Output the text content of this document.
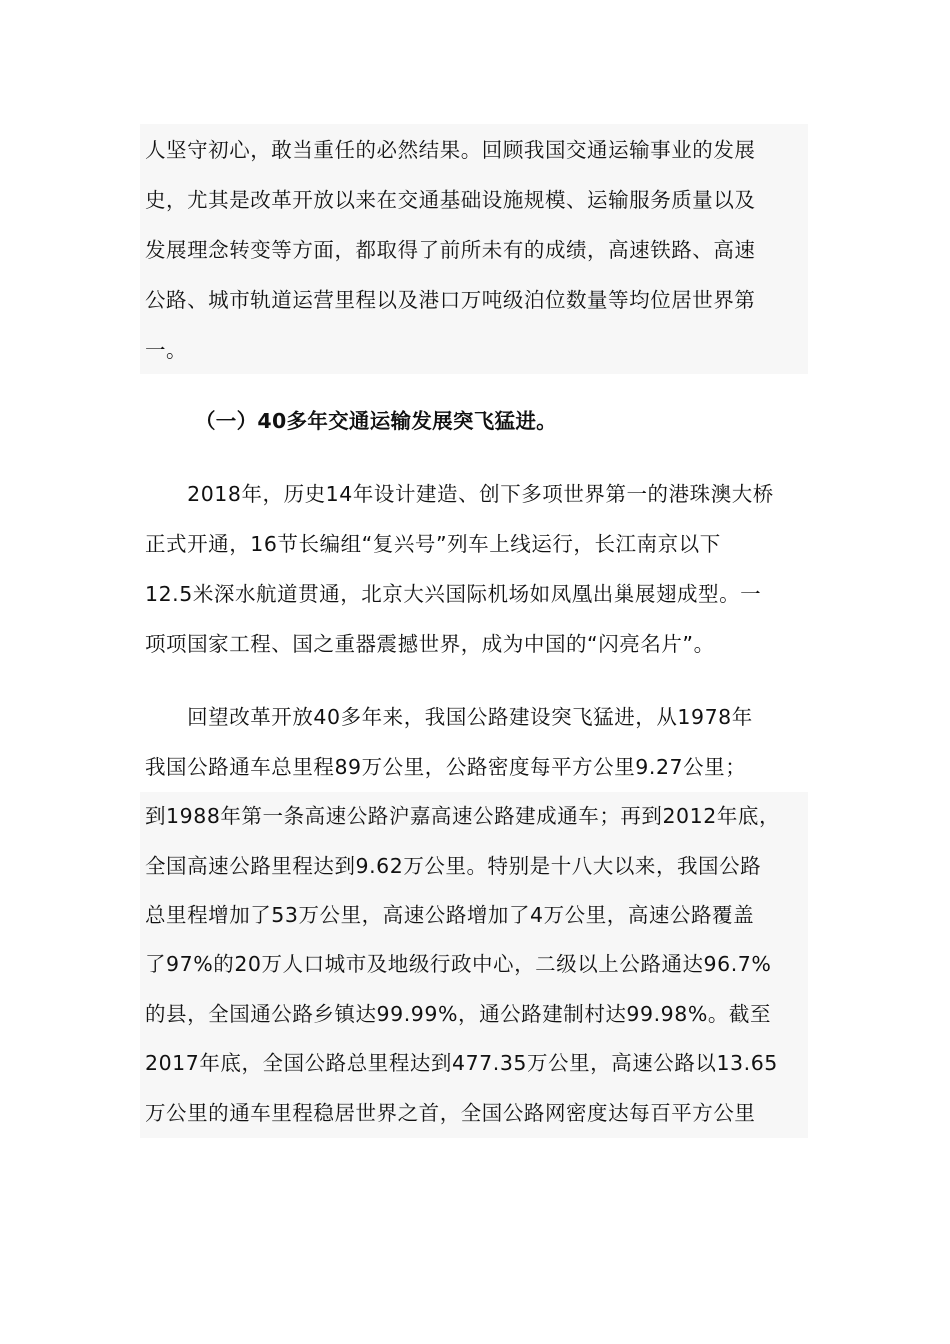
人坚守初心，敢当重任的必然结果。回顾我国交通运输事业的发展
史，尤其是改革开放以来在交通基础设施规模、运输服务质量以及
发展理念转变等方面，都取得了前所未有的成绩，高速铁路、高速
公路、城市轨道运营里程以及港口万吨级泊位数量等均位居世界第
一。
（一）40多年交通运输发展突飞猛进。
　　2018年，历史14年设计建造、创下多项世界第一的港珠澳大桥
正式开通，16节长编组“复兴号”列车上线运行，长江南京以下
12.5米深水航道贯通，北京大兴国际机场如凤凰出巢展翅成型。一
项项国家工程、国之重器震撼世界，成为中国的“闪亮名片”。
　　回望改革开放40多年来，我国公路建设突飞猛进，从1978年
我国公路通车总里程89万公里，公路密度每平方公里9.27公里；
到1988年第一条高速公路沪嘉高速公路建成通车；再到2012年底，
全国高速公路里程达到9.62万公里。特别是十八大以来，我国公路
总里程增加了53万公里，高速公路增加了4万公里，高速公路覆盖
了97%的20万人口城市及地级行政中心，二级以上公路通达96.7%
的县，全国通公路乡镇达99.99%，通公路建制村达99.98%。截至
2017年底，全国公路总里程达到477.35万公里，高速公路以13.65
万公里的通车里程稳居世界之首，全国公路网密度达每百平方公里
